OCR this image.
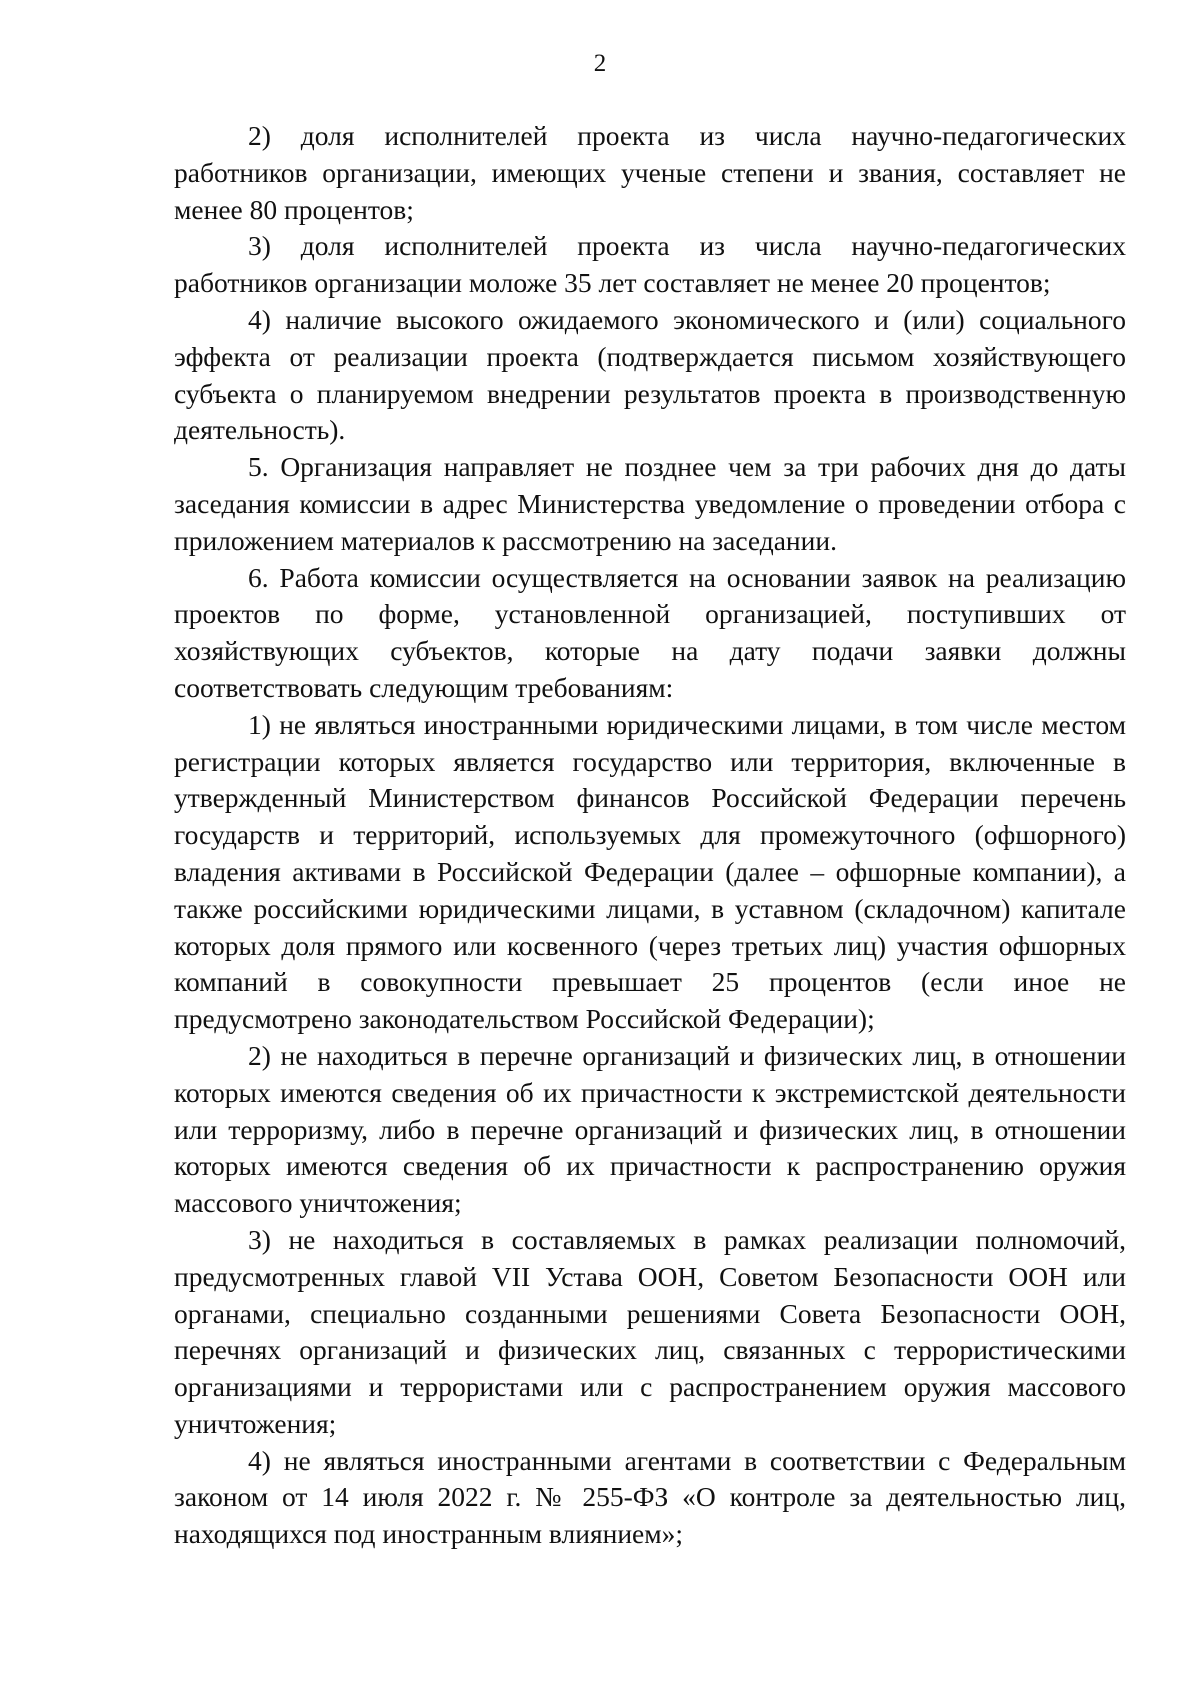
2

2) доля исполнителей проекта из числа научно-педагогических работников организации, имеющих ученые степени и звания, составляет не менее 80 процентов;

3) доля исполнителей проекта из числа научно-педагогических работников организации моложе 35 лет составляет не менее 20 процентов;

4) наличие высокого ожидаемого экономического и (или) социального эффекта от реализации проекта (подтверждается письмом хозяйствующего субъекта о планируемом внедрении результатов проекта в производственную деятельность).

5. Организация направляет не позднее чем за три рабочих дня до даты заседания комиссии в адрес Министерства уведомление о проведении отбора с приложением материалов к рассмотрению на заседании.

6. Работа комиссии осуществляется на основании заявок на реализацию проектов по форме, установленной организацией, поступивших от хозяйствующих субъектов, которые на дату подачи заявки должны соответствовать следующим требованиям:

1) не являться иностранными юридическими лицами, в том числе местом регистрации которых является государство или территория, включенные в утвержденный Министерством финансов Российской Федерации перечень государств и территорий, используемых для промежуточного (офшорного) владения активами в Российской Федерации (далее – офшорные компании), а также российскими юридическими лицами, в уставном (складочном) капитале которых доля прямого или косвенного (через третьих лиц) участия офшорных компаний в совокупности превышает 25 процентов (если иное не предусмотрено законодательством Российской Федерации);

2) не находиться в перечне организаций и физических лиц, в отношении которых имеются сведения об их причастности к экстремистской деятельности или терроризму, либо в перечне организаций и физических лиц, в отношении которых имеются сведения об их причастности к распространению оружия массового уничтожения;

3) не находиться в составляемых в рамках реализации полномочий, предусмотренных главой VII Устава ООН, Советом Безопасности ООН или органами, специально созданными решениями Совета Безопасности ООН, перечнях организаций и физических лиц, связанных с террористическими организациями и террористами или с распространением оружия массового уничтожения;

4) не являться иностранными агентами в соответствии с Федеральным законом от 14 июля 2022 г. № 255-ФЗ «О контроле за деятельностью лиц, находящихся под иностранным влиянием»;
